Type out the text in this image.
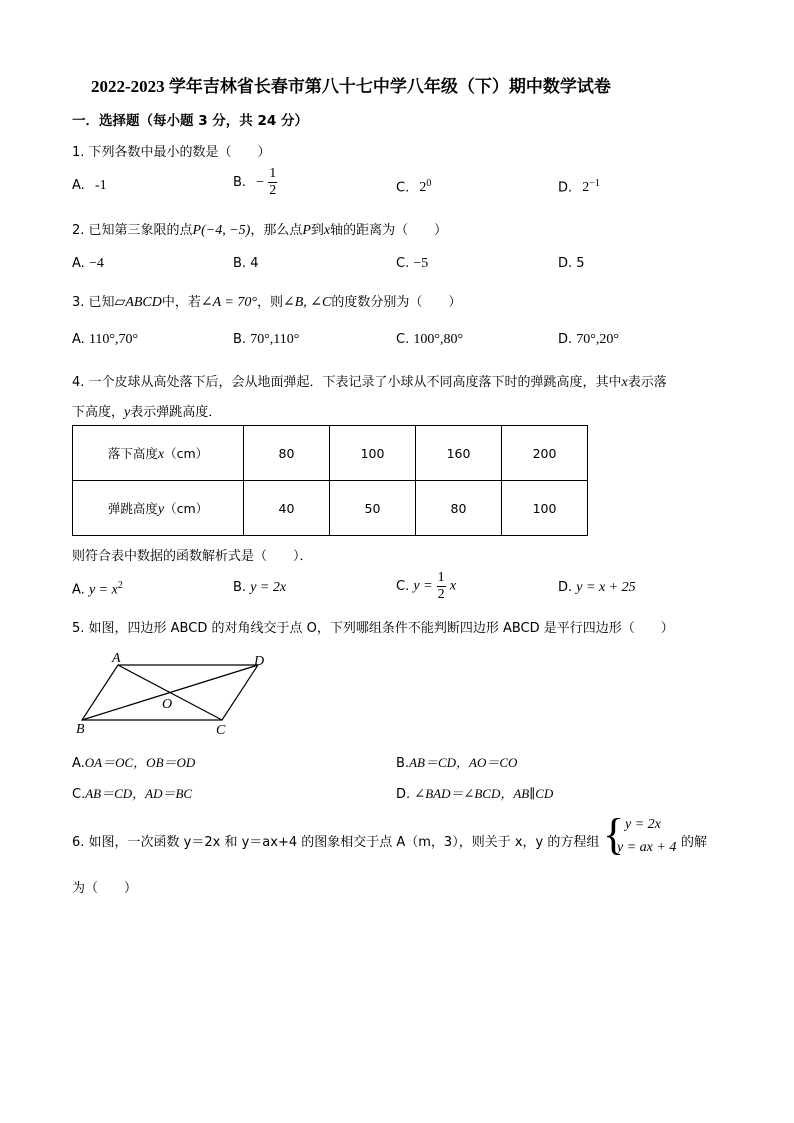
2022-2023 学年吉林省长春市第八十七中学八年级（下）期中数学试卷
一．选择题（每小题 3 分，共 24 分）
1. 下列各数中最小的数是（　　）
A. -1	B. − $\frac{1}{2}$	C. $2^0$	D. $2^{-1}$
2. 已知第三象限的点P(−4, −5)，那么点P到x轴的距离为（　　）
A. −4	B. 4	C. −5	D. 5
3. 已知▱ABCD中，若∠A = 70°，则∠B, ∠C的度数分别为（　　）
A. 110°,70°	B. 70°,110°	C. 100°,80°	D. 70°,20°
4. 一个皮球从高处落下后，会从地面弹起．下表记录了小球从不同高度落下时的弹跳高度，其中x表示落
下高度，y表示弹跳高度．
落下高度x（cm）	80	100	160	200
弹跳高度y（cm）	40	50	80	100
则符合表中数据的函数解析式是（　　）．
A. $y = x^2$	B. y = 2x	C. $y = \frac{1}{2}$ x	D. y = x + 25
5. 如图，四边形 ABCD 的对角线交于点 O，下列哪组条件不能判断四边形 ABCD 是平行四边形（　　）
A	D
B	C
O
A.OA＝OC，OB＝OD	B.AB＝CD，AO＝CO
C.AB＝CD，AD＝BC	D. ∠BAD＝∠BCD，AB∥CD
6. 如图，一次函数 y＝2x 和 y＝ax+4 的图象相交于点 A（m，3），则关于 x，y 的方程组 { y = 2x
y = ax + 4 的解
为（　　）
